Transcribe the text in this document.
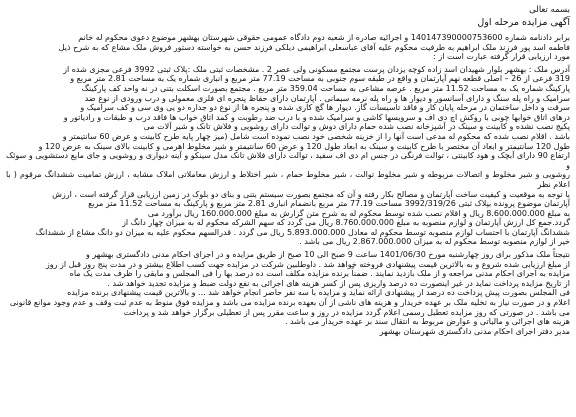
بسمه تعالی

آگهی مزایده مرحله اول

برابر دادنامه شماره 140147390000753600 و اجرائیه صادره از شعبه دوم دادگاه عمومی حقوقی شهرستان بهشهر موضوع دعوی محکوم له خانم

فاطمه اسد پور فرزند ملک ابراهیم به طرفیت محکوم علیه آقای عباسعلی ابراهیمی دیلکی فرزند حسن به خواسته دستور فروش ملک مشاع که به شرح ذیل

مورد ارزیابی قرار گرفته عبارت است از :

آدرس ملک : بهشهر بلوار شهیدان اسد زاده کوچه یزدان پرست مجتمع مسکونی ولی عصر 2 . مشخصات ثبتی ملک :پلاک ثبتی 3992 فرعی مجزی شده از

319 فرعی از 26 – اصلی قطعه نهم آپارتمان و واقع در طبقه سوم جنوبی به مساحت 77.19 متر مربع و انباری شماره یک به مساحت 2.81 متر مربع و

پارکینگ شماره یک به مساحت 11.52 متر مربع . عرصه مشاعی به مساحت 359.04 متر مربع . مجتمع بصورت اسکلت بتنی در نه واحد کف پارکینگ

سرامیک و راه پله سنگ و دارای آسانسور و دیوار ها و راه پله نرمه سیمانی . آپارتمان دارای حفاظ پنجره ای فلزی معمولی و درب ورودی از نوع ضد

سرقت و داخل ساختمان در مرحله پایان کار و فاقد تاسیسات گاز. دیوار ها گچ کاری شده و پنجره ها از نوع دو جداره دو یی وی سی و کف سرامیک و

درهای اتاق خوابها چوبی با روکش اچ دی اف و سرویسها کاشی و سرامیک شده و با درب ضد رطوبت و کمد اتاق خواب ها فاقد درب و طبقات و رادیاتور و

پکیج نصب نشده و کابینت و سینک در آشپزخانه نصب شده حمام دارای دوش و توالت دارای روشویی و فلاش تانک و شیر آلات می

باشد . اقلام نصب شده که محکوم له مدعی است آنها را از خزینه شخصی خود نصب نموده است شامل (میز چهار پایه طرح کابینت و عرض 60 سانتیمتر و

طول 120 سانتیمتر و ابعاد آن مختصر با طرح کابینت و سینک به ابعاد طول 120 و عرض 60 سانتیمتر و شیر مخلوط اهرمی و کابینت بالای سینک به عرض 120 و

ارتفاع 90 دارای آبچک و هود کابینتی ، توالت فرنگی در جنس ام دی اف سفید ، توالت دارای فلاش تانک مدل سینکو و آینه دیواری و روشویی و جای مایع دستشویی و سوئک و

روشویی و شیر مخلوط و اتصالات مربوطه و شیر مخلوط توالت ، شیر مخلوط حمام ، شیر اختلاط و ارزش معاملاتی املاک مشابه ، ارزش تمامیت ششدانگ مرقوم ( با اعلام نظر

با توجه به موقعیت و کیفیت ساخت آپارتمان و مصالح بکار رفته و آن که مجتمع بصورت سیستم بتنی و بنای دو بلوک در زمین ارزیابی قرار گرفته است ، ارزش

آپارتمان موضوع پرونده بپلاک ثبتی 3992/319/26 مساحت 77.19 متر مربع بانضمام انباری 2.81 متر مربع و پارکینگ به مساحت 11.52 متر مربع

به مبلغ 8.600.000.000 ریال و اقلام نصب شده توسط محکوم له به شرح متن گزارش به مبلغ 160.000.000 ریال برآورد می

گردد.جمع کل ارزش آپارتمان و لوازم منصوبه به مبلغ 8.760.000.000 ریال می گردد که سهم الشرکه محکوم له به میزان چهار دانگ از

ششدانگ آپارتمان با احتساب لوازم منصوبه توسط محکوم له معادل 5.893.000.000 ریال می گردد . قدرالسهم محکوم علیه به میزان دو دانگ مشاع از ششدانگ

خیر از لوازم منصوبه توسط محکوم له به میزان 2.867.000.000 ریال می باشد .

نتیجتاً ملک مذکور برای روز چهارشنبه مورخ 1401/06/30 ساعت 9 صبح الی 10 صبح از طریق مزایده و در اجرای احکام مدنی دادگستری بهشهر و

از مبلغ ارزیابی شده شروع و به بالاترین قیمت پیشنهادی فروخته خواهد شد . داوطلبین شرکت در مزایده جهت کسب اطلاع بیشتر و در مدت پنج روز قبل از روز

مزایده به اجرای احکام مدنی مراجعه و از ملک بازدید نمایند . ضمناً برنده مزایده مکلف است ده درصد بها را فی المجلس و مابقی را ظرف مدت یک ماه

از تاریخ مزایده پرداخت نماید در غیر اینصورت ده درصد واریزی پس از کسر هزینه های اجرائی به نفع دولت ضبط و مزایده تجدید خواهد شد .

فی المجلس بصورت پیش پرداخت ده درصد از پیشنهادی ارائه نماید و مزایده با سه نفر حاضر انجام خواهد شد ... و بالاترین قیمت پیشنهادی برنده مزایده

اعلام و در صورت نیاز به تخلیه ملک بر عهده خریدار و هزینه های ناشی از آن بعهده برنده مزایده می باشد و مزایده فوق منوط به عدم ثبت وقف و عدم وجود موانع قانونی

می باشد . در صورتی که روز مزایده تعطیل رسمی اعلام گردد مزایده در روز و ساعت مقرر پس از تعطیلی برگزار خواهد شد و پرداخت

هزینه های اجرائی و مالیاتی و عوارض مربوط به انتقال سند بر عهده خریدار می باشد .

مدیر دفتر اجرای احکام مدنی دادگستری شهرستان بهشهر
